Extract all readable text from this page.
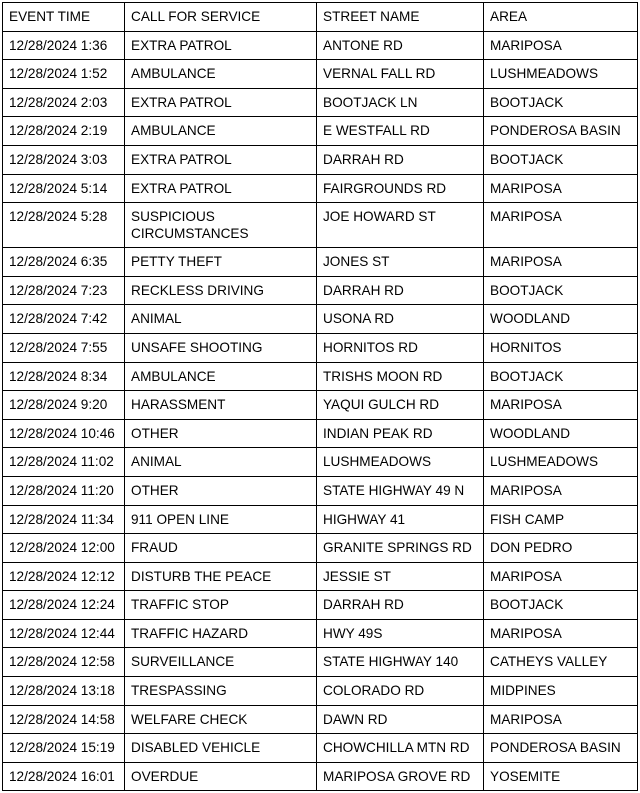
EVENT TIME	CALL FOR SERVICE	STREET NAME	AREA
12/28/2024 1:36	EXTRA PATROL	ANTONE RD	MARIPOSA
12/28/2024 1:52	AMBULANCE	VERNAL FALL RD	LUSHMEADOWS
12/28/2024 2:03	EXTRA PATROL	BOOTJACK LN	BOOTJACK
12/28/2024 2:19	AMBULANCE	E WESTFALL RD	PONDEROSA BASIN
12/28/2024 3:03	EXTRA PATROL	DARRAH RD	BOOTJACK
12/28/2024 5:14	EXTRA PATROL	FAIRGROUNDS RD	MARIPOSA
12/28/2024 5:28	SUSPICIOUS CIRCUMSTANCES	JOE HOWARD ST	MARIPOSA
12/28/2024 6:35	PETTY THEFT	JONES ST	MARIPOSA
12/28/2024 7:23	RECKLESS DRIVING	DARRAH RD	BOOTJACK
12/28/2024 7:42	ANIMAL	USONA RD	WOODLAND
12/28/2024 7:55	UNSAFE SHOOTING	HORNITOS RD	HORNITOS
12/28/2024 8:34	AMBULANCE	TRISHS MOON RD	BOOTJACK
12/28/2024 9:20	HARASSMENT	YAQUI GULCH RD	MARIPOSA
12/28/2024 10:46	OTHER	INDIAN PEAK RD	WOODLAND
12/28/2024 11:02	ANIMAL	LUSHMEADOWS	LUSHMEADOWS
12/28/2024 11:20	OTHER	STATE HIGHWAY 49 N	MARIPOSA
12/28/2024 11:34	911 OPEN LINE	HIGHWAY 41	FISH CAMP
12/28/2024 12:00	FRAUD	GRANITE SPRINGS RD	DON PEDRO
12/28/2024 12:12	DISTURB THE PEACE	JESSIE ST	MARIPOSA
12/28/2024 12:24	TRAFFIC STOP	DARRAH RD	BOOTJACK
12/28/2024 12:44	TRAFFIC HAZARD	HWY 49S	MARIPOSA
12/28/2024 12:58	SURVEILLANCE	STATE HIGHWAY 140	CATHEYS VALLEY
12/28/2024 13:18	TRESPASSING	COLORADO RD	MIDPINES
12/28/2024 14:58	WELFARE CHECK	DAWN RD	MARIPOSA
12/28/2024 15:19	DISABLED VEHICLE	CHOWCHILLA MTN RD	PONDEROSA BASIN
12/28/2024 16:01	OVERDUE	MARIPOSA GROVE RD	YOSEMITE
